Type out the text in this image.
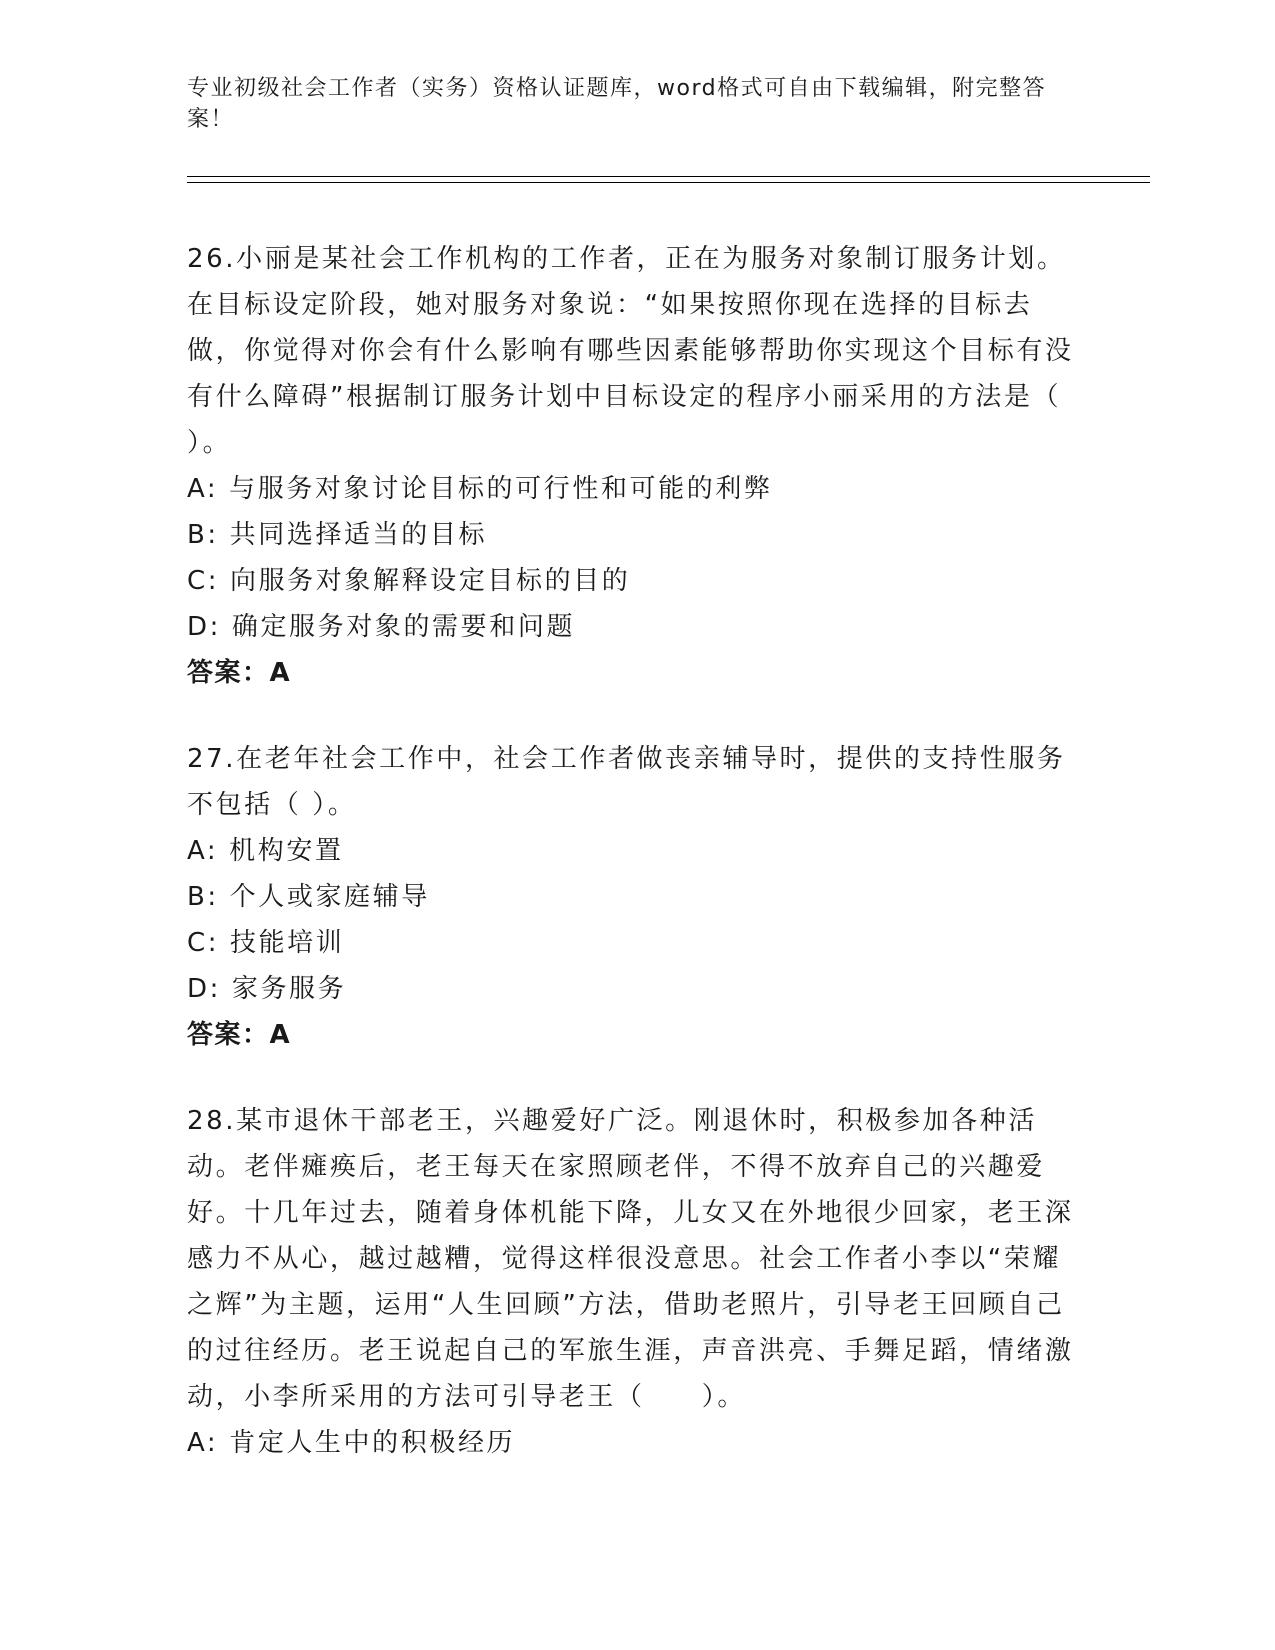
专业初级社会工作者（实务）资格认证题库，word格式可自由下载编辑，附完整答案！
26.小丽是某社会工作机构的工作者，正在为服务对象制订服务计划。在目标设定阶段，她对服务对象说：“如果按照你现在选择的目标去做，你觉得对你会有什么影响有哪些因素能够帮助你实现这个目标有没有什么障碍”根据制订服务计划中目标设定的程序小丽采用的方法是（ ）。
A: 与服务对象讨论目标的可行性和可能的利弊
B: 共同选择适当的目标
C: 向服务对象解释设定目标的目的
D: 确定服务对象的需要和问题
答案：A
27.在老年社会工作中，社会工作者做丧亲辅导时，提供的支持性服务不包括（ ）。
A: 机构安置
B: 个人或家庭辅导
C: 技能培训
D: 家务服务
答案：A
28.某市退休干部老王，兴趣爱好广泛。刚退休时，积极参加各种活动。老伴瘫痪后，老王每天在家照顾老伴，不得不放弃自己的兴趣爱好。十几年过去，随着身体机能下降，儿女又在外地很少回家，老王深感力不从心，越过越糟，觉得这样很没意思。社会工作者小李以“荣耀之辉”为主题，运用“人生回顾”方法，借助老照片，引导老王回顾自己的过往经历。老王说起自己的军旅生涯，声音洪亮、手舞足蹈，情绪激动，小李所采用的方法可引导老王（　　）。
A: 肯定人生中的积极经历
